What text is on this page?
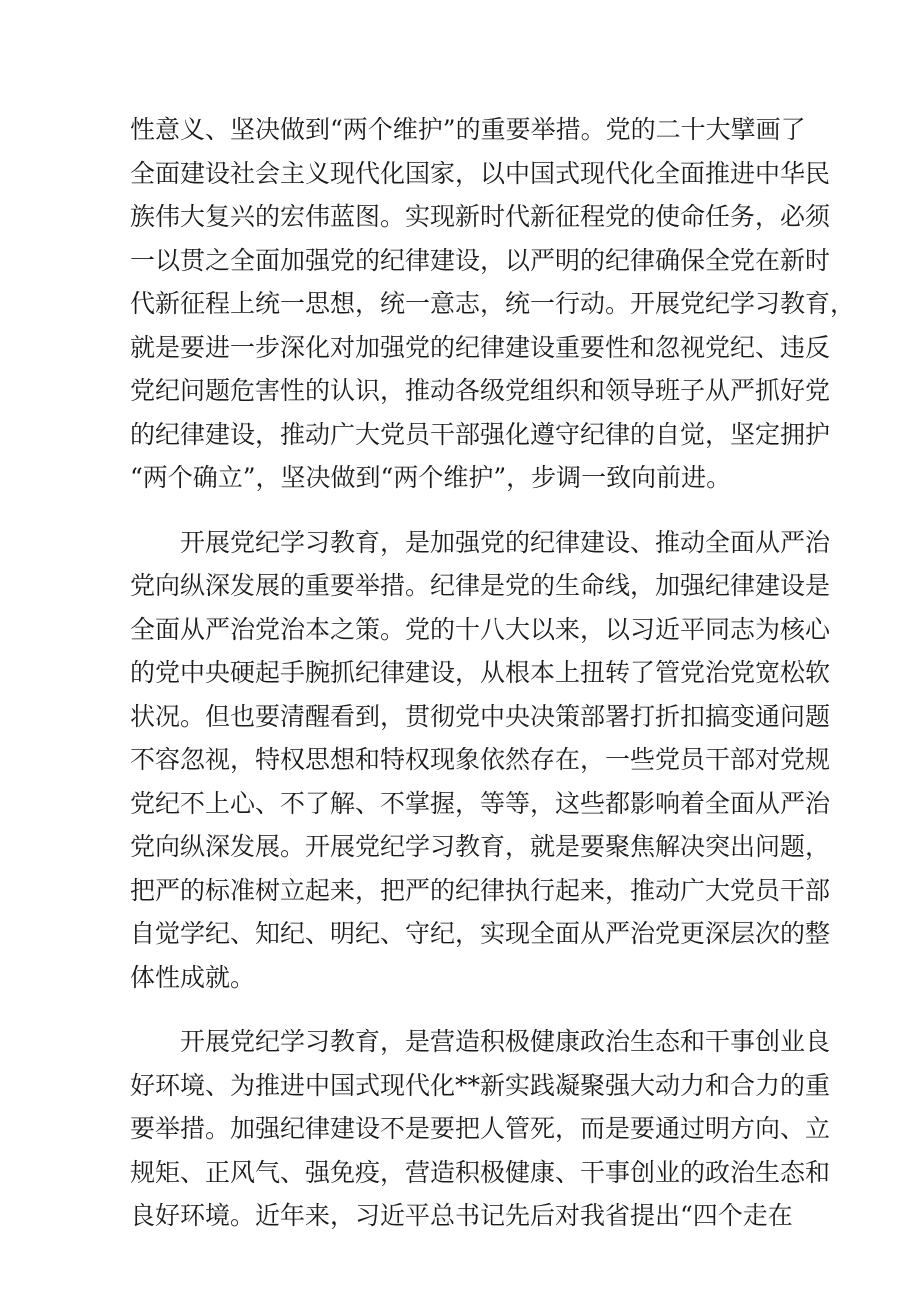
性意义、坚决做到“两个维护”的重要举措。党的二十大擘画了
全面建设社会主义现代化国家，以中国式现代化全面推进中华民
族伟大复兴的宏伟蓝图。实现新时代新征程党的使命任务，必须
一以贯之全面加强党的纪律建设，以严明的纪律确保全党在新时
代新征程上统一思想，统一意志，统一行动。开展党纪学习教育，
就是要进一步深化对加强党的纪律建设重要性和忽视党纪、违反
党纪问题危害性的认识，推动各级党组织和领导班子从严抓好党
的纪律建设，推动广大党员干部强化遵守纪律的自觉，坚定拥护
“两个确立”，坚决做到“两个维护”，步调一致向前进。
　　开展党纪学习教育，是加强党的纪律建设、推动全面从严治
党向纵深发展的重要举措。纪律是党的生命线，加强纪律建设是
全面从严治党治本之策。党的十八大以来，以习近平同志为核心
的党中央硬起手腕抓纪律建设，从根本上扭转了管党治党宽松软
状况。但也要清醒看到，贯彻党中央决策部署打折扣搞变通问题
不容忽视，特权思想和特权现象依然存在，一些党员干部对党规
党纪不上心、不了解、不掌握，等等，这些都影响着全面从严治
党向纵深发展。开展党纪学习教育，就是要聚焦解决突出问题，
把严的标准树立起来，把严的纪律执行起来，推动广大党员干部
自觉学纪、知纪、明纪、守纪，实现全面从严治党更深层次的整
体性成就。
　　开展党纪学习教育，是营造积极健康政治生态和干事创业良
好环境、为推进中国式现代化**新实践凝聚强大动力和合力的重
要举措。加强纪律建设不是要把人管死，而是要通过明方向、立
规矩、正风气、强免疫，营造积极健康、干事创业的政治生态和
良好环境。近年来，习近平总书记先后对我省提出“四个走在
